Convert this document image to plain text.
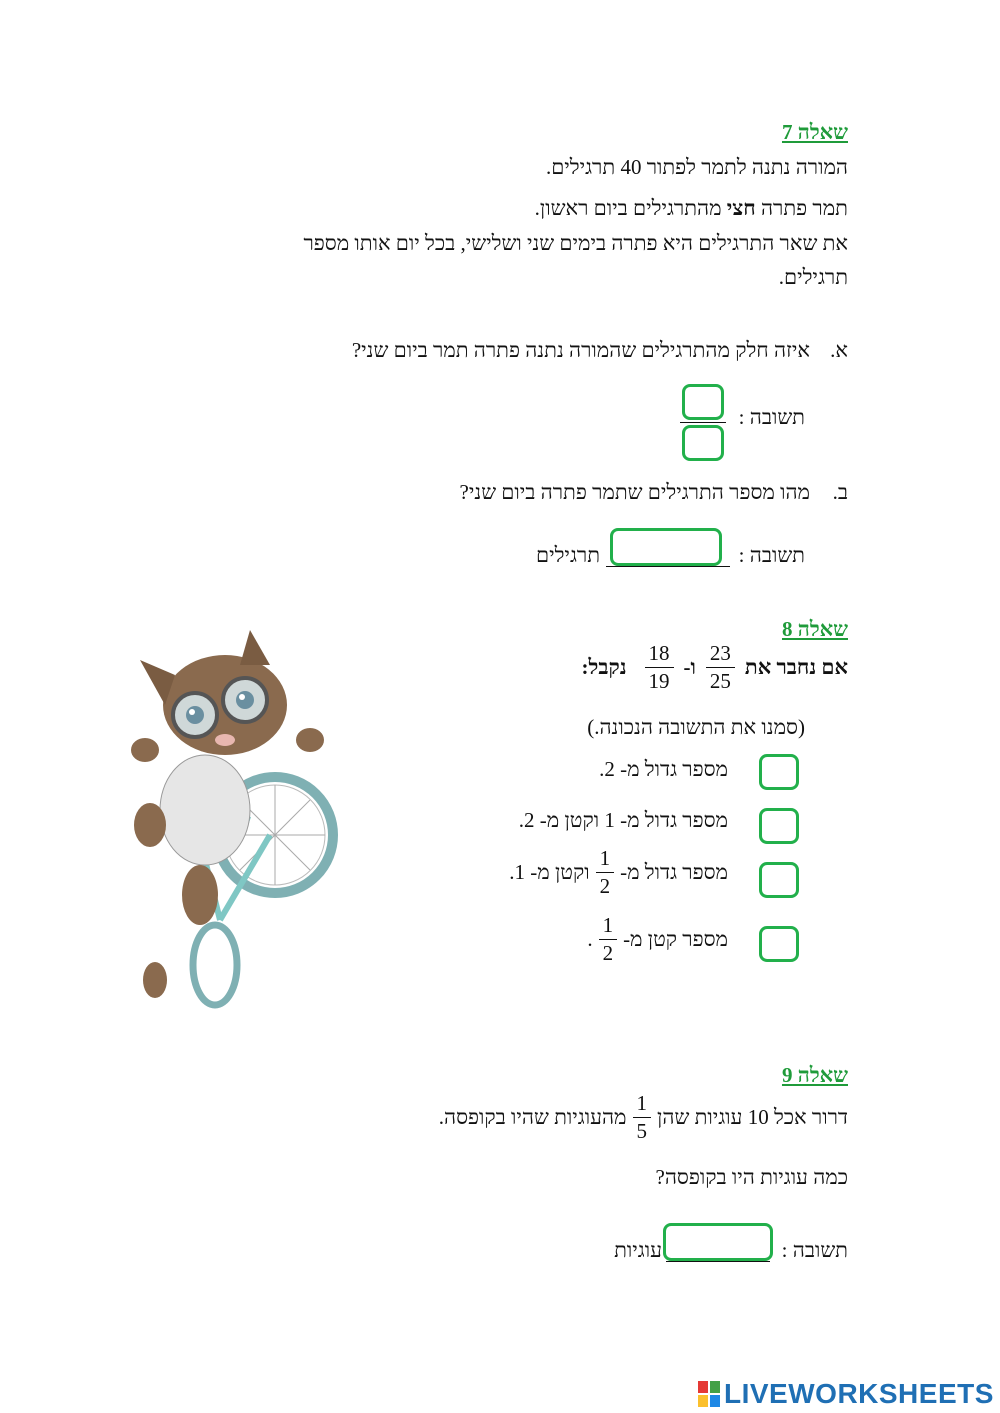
שאלה 7
המורה נתנה לתמר לפתור 40 תרגילים.
תמר פתרה חצי מהתרגילים ביום ראשון.
את שאר התרגילים היא פתרה בימים שני ושלישי, בכל יום אותו מספר
תרגילים.
א.
איזה חלק מהתרגילים שהמורה נתנה פתרה תמר ביום שני?
תשובה :
ב.
מהו מספר התרגילים שתמר פתרה ביום שני?
תשובה :
תרגילים
שאלה 8
אם נחבר את
$\frac{23}{25}$
ו-
$\frac{18}{19}$
נקבל:
(סמנו את התשובה הנכונה.)
מספר גדול מ- 2.
מספר גדול מ- 1 וקטן מ- 2.
מספר גדול מ-
$\frac{1}{2}$
וקטן מ-

1
.
מספר קטן מ-
$\frac{1}{2}$
.
שאלה 9
דרור אכל 10 עוגיות שהן
$\frac{1}{5}$
מהעוגיות שהיו בקופסה.
כמה עוגיות היו בקופסה?
תשובה :
עוגיות
LIVEWORKSHEETS
